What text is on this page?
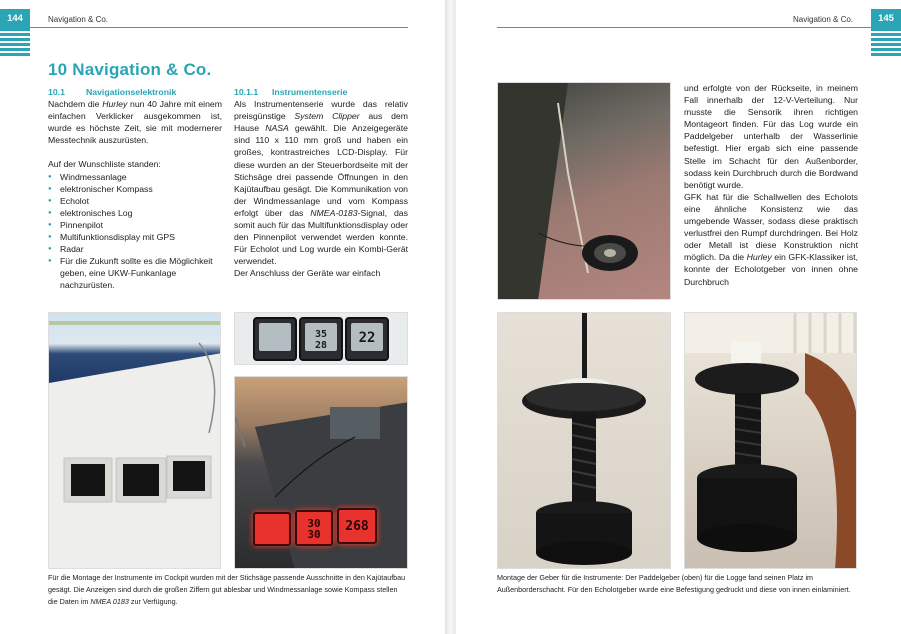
144	Navigation & Co.
10 Navigation & Co.
10.1 Navigationselektronik

Nachdem die Hurley nun 40 Jahre mit einem einfachen Verklicker ausgekommen ist, wurde es höchste Zeit, sie mit modernerer Messtechnik auszurüsten.

Auf der Wunschliste standen:

● Windmessanlage
● elektronischer Kompass
● Echolot
● elektronisches Log
● Pinnenpilot
● Multifunktionsdisplay mit GPS
● Radar
● Für die Zukunft sollte es die Möglichkeit geben, eine UKW-Funkanlage nachzurüsten.
10.1.1 Instrumentenserie

Als Instrumentenserie wurde das relativ preisgünstige System Clipper aus dem Hause NASA gewählt. Die Anzeigegeräte sind 110 x 110 mm groß und haben ein großes, kontrastreiches LCD-Display. Für diese wurden an der Steuerbordseite mit der Stichsäge drei passende Öffnungen in den Kajütaufbau gesägt. Die Kommunikation von der Windmessanlage und vom Kompass erfolgt über das NMEA-0183-Signal, das somit auch für das Multifunktionsdisplay oder den Pinnenpilot verwendet werden konnte. Für Echolot und Log wurde ein Kombi-Gerät verwendet.

Der Anschluss der Geräte war einfach

35
28	22
30
30
268
Für die Montage der Instrumente im Cockpit wurden mit der Stichsäge passende Ausschnitte in den Kajütaufbau gesägt. Die Anzeigen sind durch die großen Ziffern gut ablesbar und Windmessanlage sowie Kompass stellen die Daten im NMEA 0183 zur Verfügung.
145
Navigation & Co.

und erfolgte von der Rückseite, in meinem Fall innerhalb der 12-V-Verteilung. Nur musste die Sensorik ihren richtigen Montageort finden. Für das Log wurde ein Paddelgeber unterhalb der Wasserlinie befestigt. Hier ergab sich eine passende Stelle im Schacht für den Außenborder, sodass kein Durchbruch durch die Bordwand benötigt wurde.

GFK hat für die Schallwellen des Echolots eine ähnliche Konsistenz wie das umgebende Wasser, sodass diese praktisch verlustfrei den Rumpf durchdringen. Bei Holz oder Metall ist diese Konstruktion nicht möglich. Da die Hurley ein GFK-Klassiker ist, konnte der Echolotgeber von innen ohne Durchbruch

Montage der Geber für die Instrumente: Der Paddelgeber (oben) für die Logge fand seinen Platz im Außenborderschacht. Für den Echolotgeber wurde eine Befestigung gedruckt und diese von innen einlaminiert.
